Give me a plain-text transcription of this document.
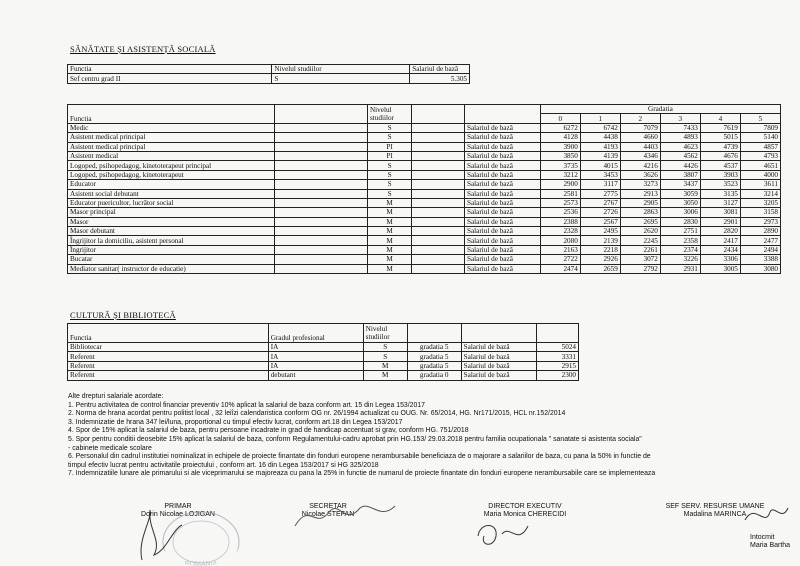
SĂNĂTATE ȘI ASISTENȚĂ SOCIALĂ
Functia	Nivelul studiilor	Salariul de bază
Sef centru grad II	S	5.305
Functia		Nivelul studiilor			Gradatia					
					0	1	2	3	4	5
Medic		S		Salariul de bază	6272	6742	7079	7433	7619	7809
Asistent medical principal		S		Salariul de bază	4128	4438	4660	4893	5015	5140
Asistent medical principal		PI		Salariul de bază	3900	4193	4403	4623	4739	4857
Asistent medical		PI		Salariul de bază	3850	4139	4346	4562	4676	4793
Logoped, psihopedagog, kinetoterapeut principal		S		Salariul de bază	3735	4015	4216	4426	4537	4651
Logoped, psihopedagog, kinetoterapeut		S		Salariul de bază	3212	3453	3626	3807	3903	4000
Educator		S		Salariul de bază	2900	3117	3273	3437	3523	3611
Asistent social debutant		S		Salariul de bază	2581	2775	2913	3059	3135	3214
Educator puericultor, lucrător social		M		Salariul de bază	2573	2767	2905	3050	3127	3205
Masor principal		M		Salariul de bază	2536	2726	2863	3006	3081	3158
Masor		M		Salariul de bază	2388	2567	2695	2830	2901	2973
Masor debutant		M		Salariul de bază	2328	2495	2620	2751	2820	2890
Îngrijitor la domiciliu, asistent personal		M		Salariul de bază	2080	2139	2245	2358	2417	2477
Îngrijitor		M		Salariul de bază	2163	2218	2261	2374	2434	2494
Bucatar		M		Salariul de bază	2722	2926	3072	3226	3306	3388
Mediator sanitar( instructor de educatie)		M		Salariul de bază	2474	2659	2792	2931	3005	3080
CULTURĂ ȘI BIBLIOTECĂ
Functia	Gradul profesional	Nivelul studiilor			
Bibliotecar	IA	S	gradatia 5	Salariul de bază	5024
Referent	IA	S	gradatia 5	Salariul de bază	3331
Referent	IA	M	gradatia 5	Salariul de bază	2915
Referent	debutant	M	gradatia 0	Salariul de bază	2300
Alte drepturi salariale acordate:
1. Pentru activitatea de control financiar preventiv 10% aplicat la salariul de baza conform art. 15 din Legea 153/2017
2. Norma de hrana acordat pentru politist local , 32 leiîzi calendaristica conform OG nr. 26/1994 actualizat cu OUG. Nr. 65/2014, HG. Nr171/2015, HCL nr.152/2014
3. Indemnizatie de hrana 347 lei/luna, proportional cu timpul efectiv lucrat, conform art.18 din Legea 153/2017
4. Spor de 15% aplicat la salariul de baza, pentru persoane incadrate in grad de handicap accentuat si grav, conform HG. 751/2018
5. Spor pentru conditii deosebite 15% aplicat la salariul de baza, conform Regulamentului-cadru aprobat prin HG.153/ 29.03.2018 pentru familia ocupationala " sanatate si asistenta sociala"
- cabinete medicale scolare
6. Personalul din cadrul institutiei nominalizat in echipele de proiecte finantate din fonduri europene nerambursabile beneficiaza de o majorare a salariilor de baza, cu pana la 50% in functie de
timpul efectiv lucrat pentru activitatile proiectului , conform art. 16 din Legea 153/2017 si HG 325/2018
7. Indemnizatiile lunare ale primarului si ale viceprimarului se majoreaza cu pana la 25% in functie de numarul de proiecte finantate din fonduri europene nerambursabile care se implementeaza
PRIMAR
Dorin Nicolae LOJIGAN
SECRETAR
Nicolae STEFAN
DIRECTOR EXECUTIV
Maria Monica CHERECIDI
SEF SERV. RESURSE UMANE
Madalina MARINCA
Intocmit
Maria Bartha
ROMANIA
